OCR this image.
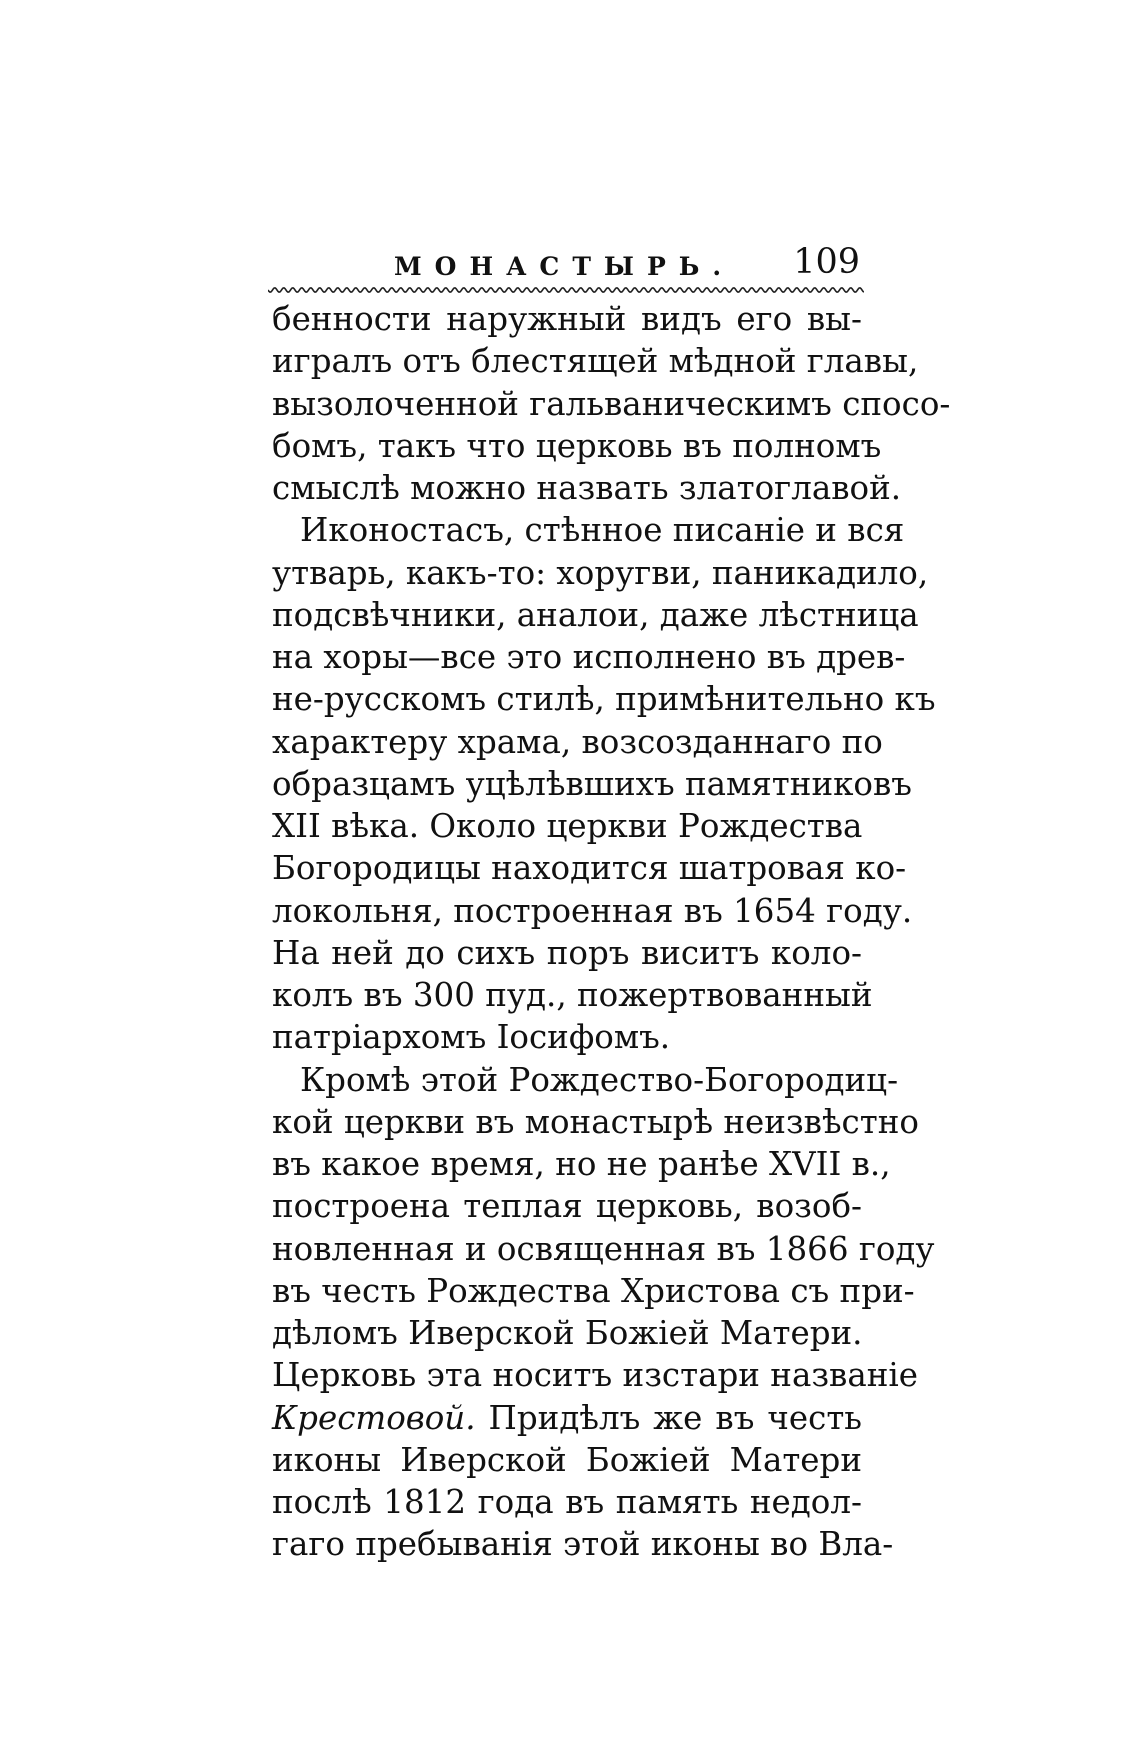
МОНАСТЫРЬ. 109
бенности наружный видъ его вы-
игралъ отъ блестящей мѣдной главы,
вызолоченной гальваническимъ спосо-
бомъ, такъ что церковь въ полномъ
смыслѣ можно назвать златоглавой.
Иконостасъ, стѣнное писаніе и вся
утварь, какъ-то: хоругви, паникадило,
подсвѣчники, аналои, даже лѣстница
на хоры—все это исполнено въ древ-
не-русскомъ стилѣ, примѣнительно къ
характеру храма, возсозданнаго по
образцамъ уцѣлѣвшихъ памятниковъ
XII вѣка. Около церкви Рождества
Богородицы находится шатровая ко-
локольня, построенная въ 1654 году.
На ней до сихъ поръ виситъ коло-
колъ въ 300 пуд., пожертвованный
патріархомъ Іосифомъ.
Кромѣ этой Рождество-Богородиц-
кой церкви въ монастырѣ неизвѣстно
въ какое время, но не ранѣе XVII в.,
построена теплая церковь, возоб-
новленная и освященная въ 1866 году
въ честь Рождества Христова съ при-
дѣломъ Иверской Божіей Матери.
Церковь эта носитъ изстари названіе
Крестовой. Придѣлъ же въ честь
иконы Иверской Божіей Матери
послѣ 1812 года въ память недол-
гаго пребыванія этой иконы во Вла-
